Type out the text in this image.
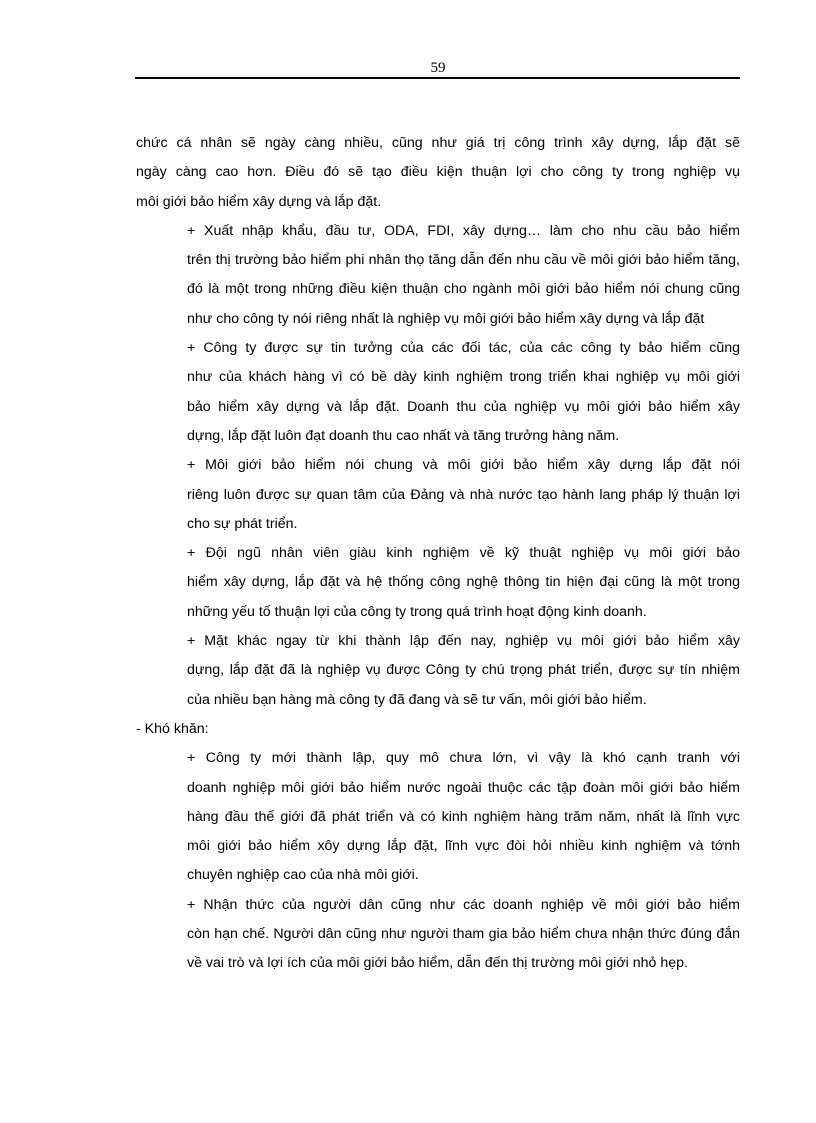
59

chức cá nhân sẽ ngày càng nhiều, cũng như giá trị công trình xây dựng, lắp đặt sẽ
ngày càng cao hơn. Điều đó sẽ tạo điều kiện thuận lợi cho công ty trong nghiệp vụ
môi giới bảo hiểm xây dựng và lắp đặt.

+ Xuất nhập khẩu, đầu tư, ODA, FDI, xây dựng… làm cho nhu cầu bảo hiểm
trên thị trường bảo hiểm phi nhân thọ tăng dẫn đến nhu cầu về môi giới bảo hiểm tăng,
đó là một trong những điều kiện thuận cho ngành môi giới bảo hiểm nói chung cũng
như cho công ty nói riêng nhất là nghiệp vụ môi giới bảo hiểm xây dựng và lắp đặt

+ Công ty được sự tin tưởng của các đối tác, của các công ty bảo hiểm cũng
như của khách hàng vì có bề dày kinh nghiệm trong triển khai nghiệp vụ môi giới
bảo hiểm xây dựng và lắp đặt. Doanh thu của nghiệp vụ môi giới bảo hiểm xây
dựng, lắp đặt luôn đạt doanh thu cao nhất và tăng trưởng hàng năm.

+ Môi giới bảo hiểm nói chung và môi giới bảo hiểm xây dựng lắp đặt nói
riêng luôn được sự quan tâm của Đảng và nhà nước tạo hành lang pháp lý thuận lợi
cho sự phát triển.

+ Đội ngũ nhân viên giàu kinh nghiệm về kỹ thuật nghiệp vụ môi giới bảo
hiểm xây dựng, lắp đặt và hệ thống công nghệ thông tin hiện đại cũng là một trong
những yếu tố thuận lợi của công ty trong quá trình hoạt động kinh doanh.

+ Mặt khác ngay từ khi thành lập đến nay, nghiệp vụ môi giới bảo hiểm xây
dựng, lắp đặt đã là nghiệp vụ được Công ty chú trọng phát triển, được sự tín nhiệm
của nhiều bạn hàng mà công ty đã đang và sẽ tư vấn, môi giới bảo hiểm.

- Khó khăn:

+ Công ty mới thành lập, quy mô chưa lớn, vì vậy là khó cạnh tranh với
doanh nghiệp môi giới bảo hiểm nước ngoài thuộc các tập đoàn môi giới bảo hiểm
hàng đầu thế giới đã phát triển và có kinh nghiệm hàng trăm năm, nhất là lĩnh vực
môi giới bảo hiểm xôy dựng lắp đặt, lĩnh vực đòi hỏi nhiều kinh nghiệm và tớnh
chuyên nghiệp cao của nhà môi giới.

+ Nhận thức của người dân cũng như các doanh nghiệp về môi giới bảo hiểm
còn hạn chế. Người dân cũng như người tham gia bảo hiểm chưa nhận thức đúng đắn
về vai trò và lợi ích của môi giới bảo hiểm, dẫn đến thị trường môi giới nhỏ hẹp.
